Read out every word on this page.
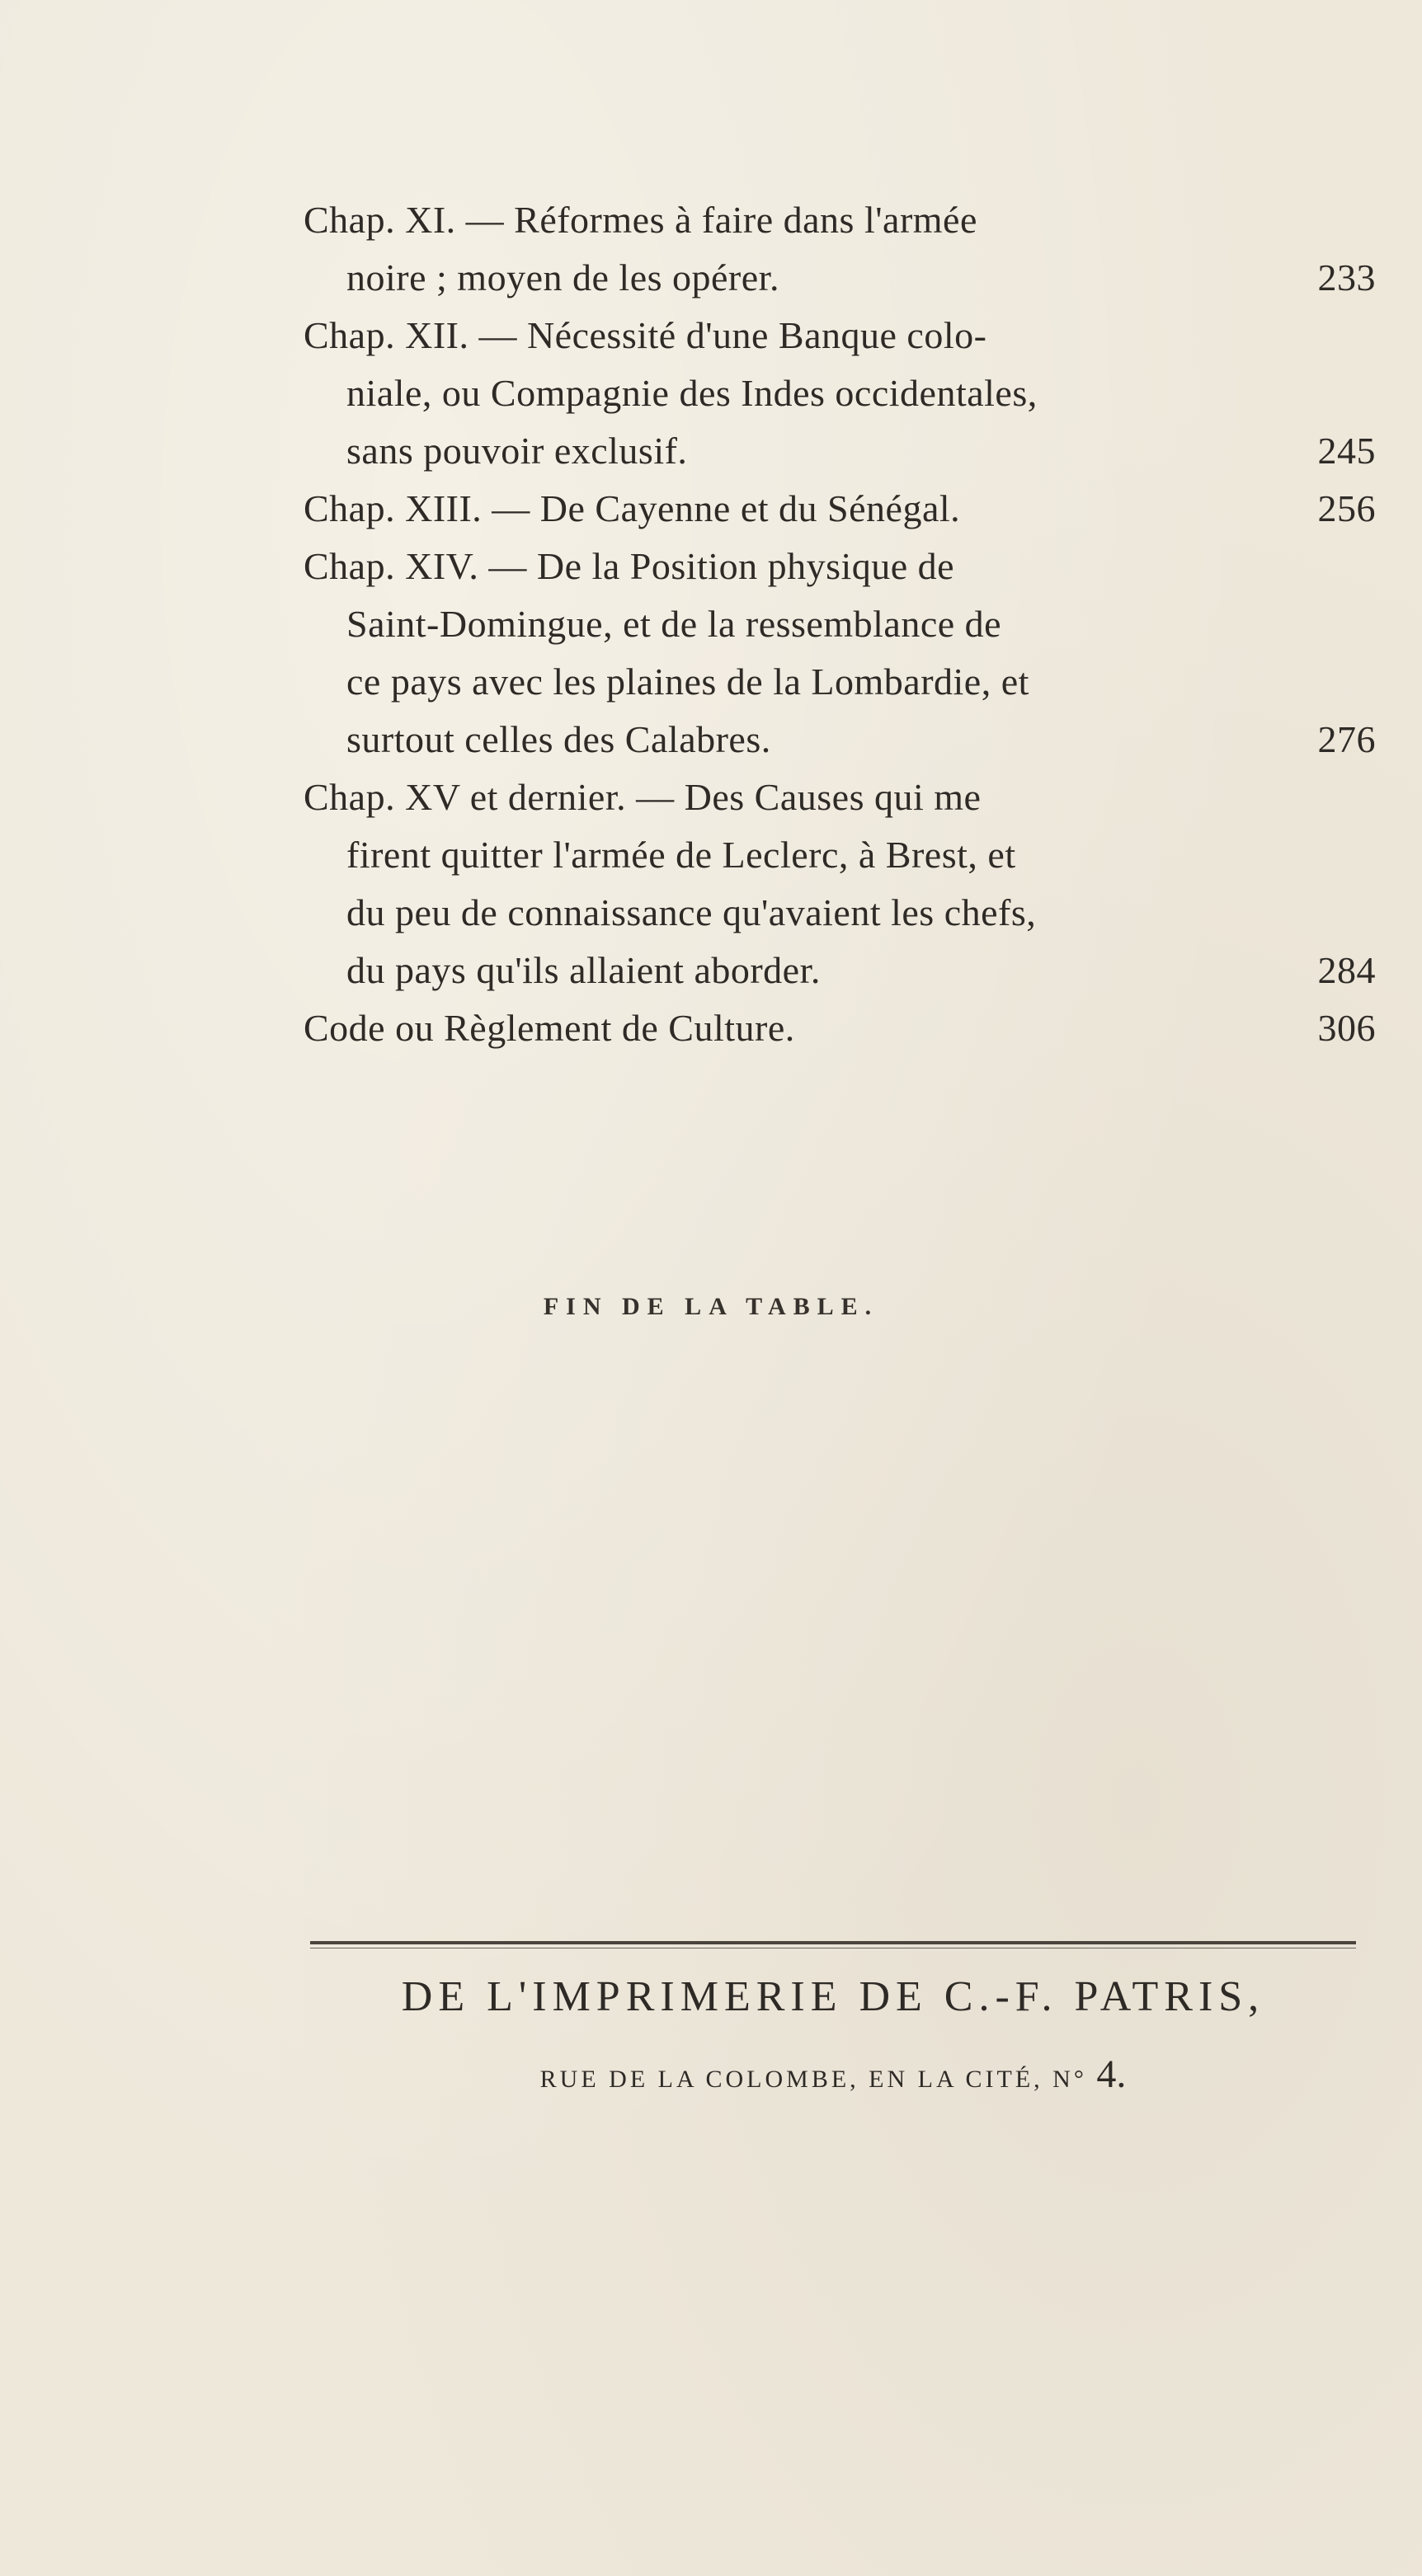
Chap. XI. — Réformes à faire dans l'armée
noire ; moyen de les opérer.	233
Chap. XII. — Nécessité d'une Banque colo-
niale, ou Compagnie des Indes occidentales,
sans pouvoir exclusif.	245
Chap. XIII. — De Cayenne et du Sénégal.	256
Chap. XIV. — De la Position physique de
Saint-Domingue, et de la ressemblance de
ce pays avec les plaines de la Lombardie, et
surtout celles des Calabres.	276
Chap. XV et dernier. — Des Causes qui me
firent quitter l'armée de Leclerc, à Brest, et
du peu de connaissance qu'avaient les chefs,
du pays qu'ils allaient aborder.	284
Code ou Règlement de Culture.	306
FIN DE LA TABLE.
DE L'IMPRIMERIE DE C.-F. PATRIS,
RUE DE LA COLOMBE, EN LA CITÉ, N° 4.
